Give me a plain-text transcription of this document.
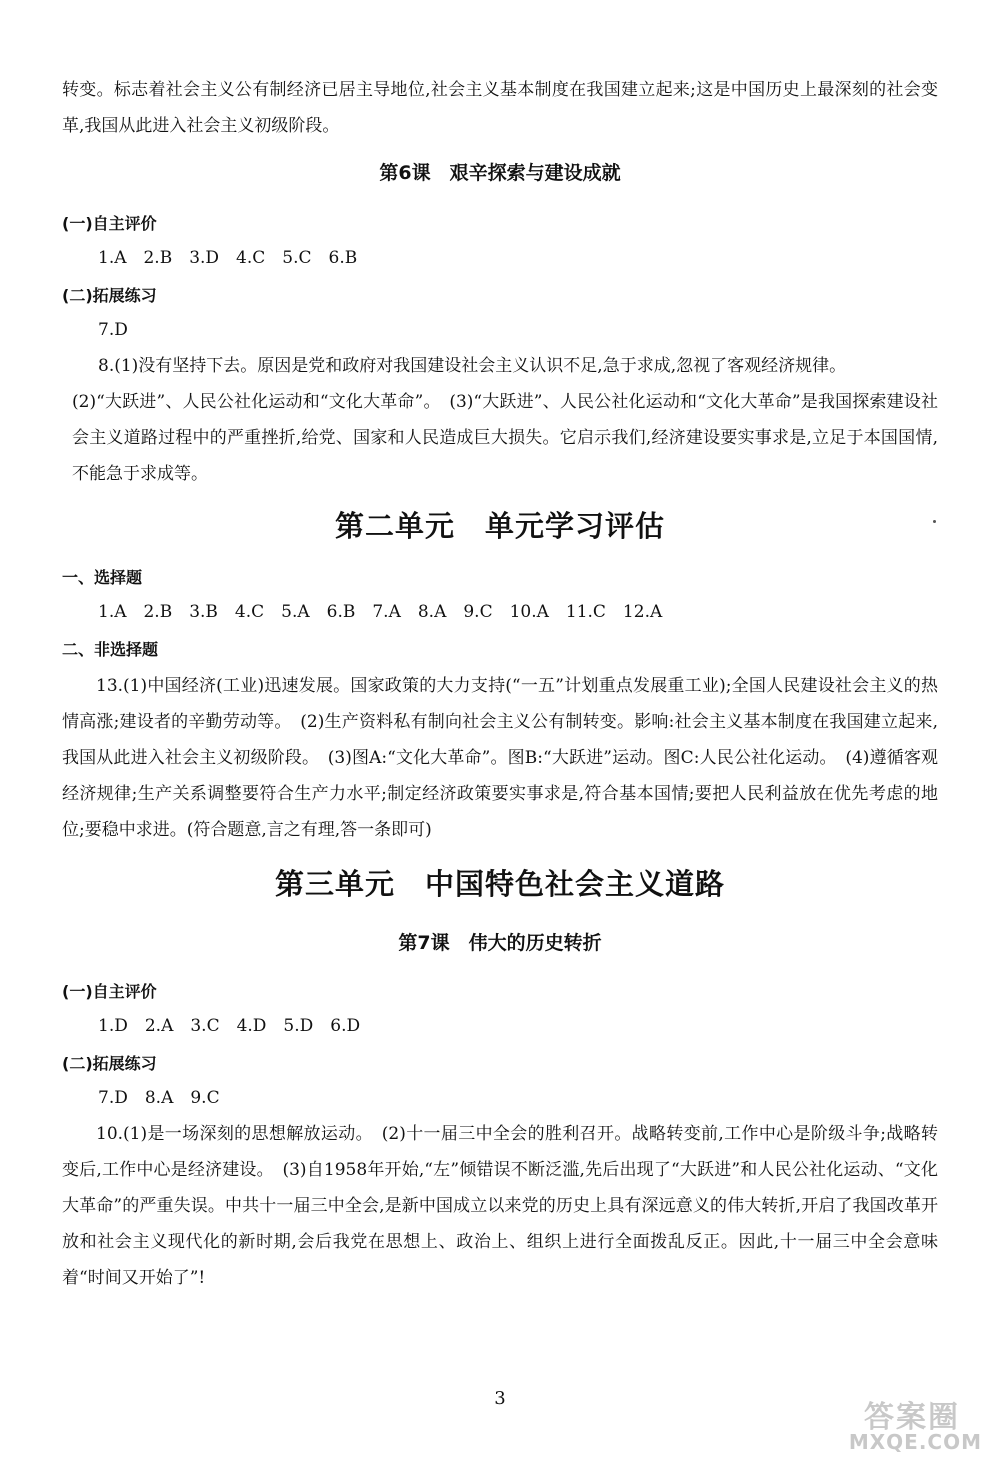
转变。标志着社会主义公有制经济已居主导地位,社会主义基本制度在我国建立起来;这是中国历史上最深刻的社会变革,我国从此进入社会主义初级阶段。

第6课　艰辛探索与建设成就

(一)自主评价

1.A　2.B　3.D　4.C　5.C　6.B

(二)拓展练习

7.D

8.(1)没有坚持下去。原因是党和政府对我国建设社会主义认识不足,急于求成,忽视了客观经济规律。

(2)“大跃进”、人民公社化运动和“文化大革命”。　(3)“大跃进”、人民公社化运动和“文化大革命”是我国探索建设社会主义道路过程中的严重挫折,给党、国家和人民造成巨大损失。它启示我们,经济建设要实事求是,立足于本国国情,不能急于求成等。

第二单元　单元学习评估

一、选择题

1.A　2.B　3.B　4.C　5.A　6.B　7.A　8.A　9.C　10.A　11.C　12.A

二、非选择题

13.(1)中国经济(工业)迅速发展。国家政策的大力支持(“一五”计划重点发展重工业);全国人民建设社会主义的热情高涨;建设者的辛勤劳动等。　(2)生产资料私有制向社会主义公有制转变。影响:社会主义基本制度在我国建立起来,我国从此进入社会主义初级阶段。　(3)图A:“文化大革命”。图B:“大跃进”运动。图C:人民公社化运动。　(4)遵循客观经济规律;生产关系调整要符合生产力水平;制定经济政策要实事求是,符合基本国情;要把人民利益放在优先考虑的地位;要稳中求进。(符合题意,言之有理,答一条即可)

第三单元　中国特色社会主义道路
第7课　伟大的历史转折

(一)自主评价

1.D　2.A　3.C　4.D　5.D　6.D

(二)拓展练习

7.D　8.A　9.C

10.(1)是一场深刻的思想解放运动。　(2)十一届三中全会的胜利召开。战略转变前,工作中心是阶级斗争;战略转变后,工作中心是经济建设。　(3)自1958年开始,“左”倾错误不断泛滥,先后出现了“大跃进”和人民公社化运动、“文化大革命”的严重失误。中共十一届三中全会,是新中国成立以来党的历史上具有深远意义的伟大转折,开启了我国改革开放和社会主义现代化的新时期,会后我党在思想上、政治上、组织上进行全面拨乱反正。因此,十一届三中全会意味着“时间又开始了”!

3
答案圈
MXQE.COM
